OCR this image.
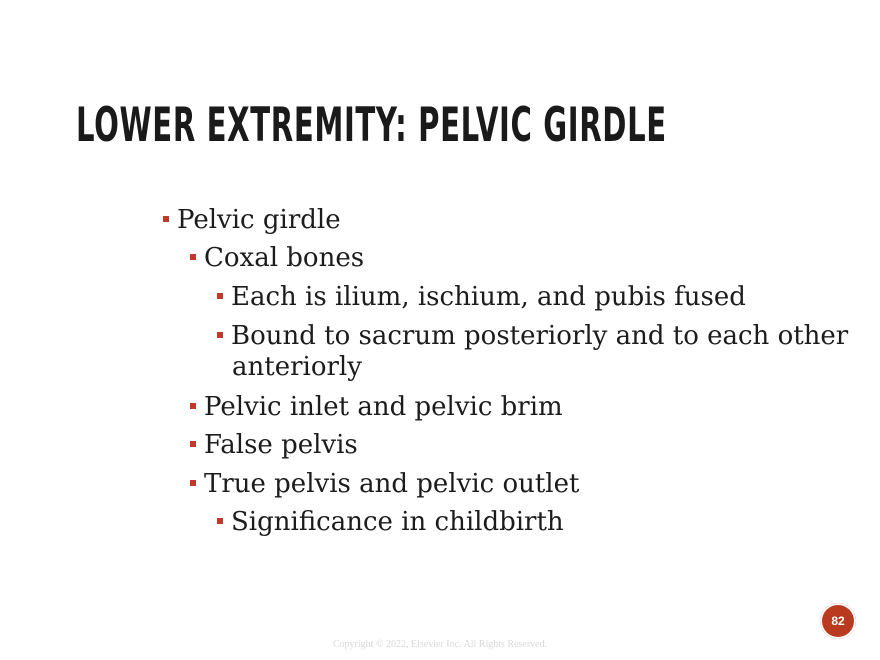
LOWER EXTREMITY: PELVIC GIRDLE
Pelvic girdle
Coxal bones
Each is ilium, ischium, and pubis fused
Bound to sacrum posteriorly and to each other
anteriorly
Pelvic inlet and pelvic brim
False pelvis
True pelvis and pelvic outlet
Significance in childbirth
Copyright © 2022, Elsevier Inc. All Rights Reserved.
82
